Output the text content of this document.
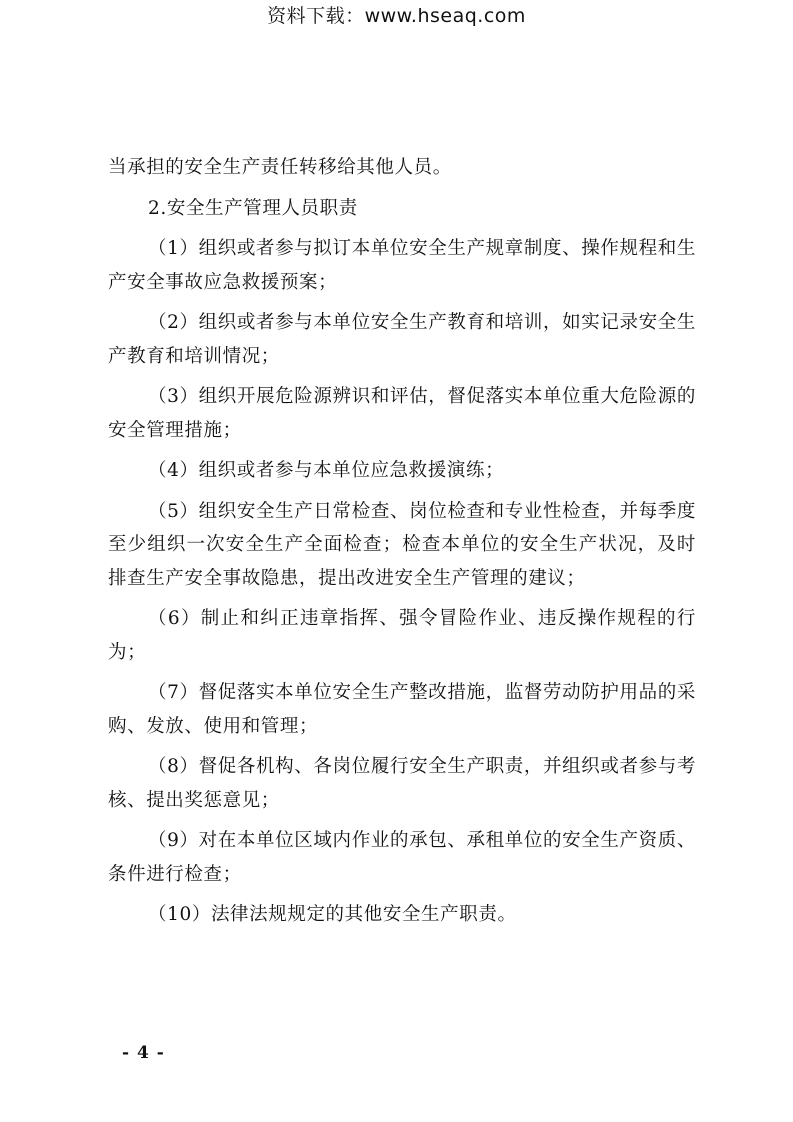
资料下载：www.hseaq.com

当承担的安全生产责任转移给其他人员。

2.安全生产管理人员职责

（1）组织或者参与拟订本单位安全生产规章制度、操作规程和生产安全事故应急救援预案；

（2）组织或者参与本单位安全生产教育和培训，如实记录安全生产教育和培训情况；

（3）组织开展危险源辨识和评估，督促落实本单位重大危险源的安全管理措施；

（4）组织或者参与本单位应急救援演练；

（5）组织安全生产日常检查、岗位检查和专业性检查，并每季度至少组织一次安全生产全面检查；检查本单位的安全生产状况，及时排查生产安全事故隐患，提出改进安全生产管理的建议；

（6）制止和纠正违章指挥、强令冒险作业、违反操作规程的行为；

（7）督促落实本单位安全生产整改措施，监督劳动防护用品的采购、发放、使用和管理；

（8）督促各机构、各岗位履行安全生产职责，并组织或者参与考核、提出奖惩意见；

（9）对在本单位区域内作业的承包、承租单位的安全生产资质、条件进行检查；

（10）法律法规规定的其他安全生产职责。

- 4 -
